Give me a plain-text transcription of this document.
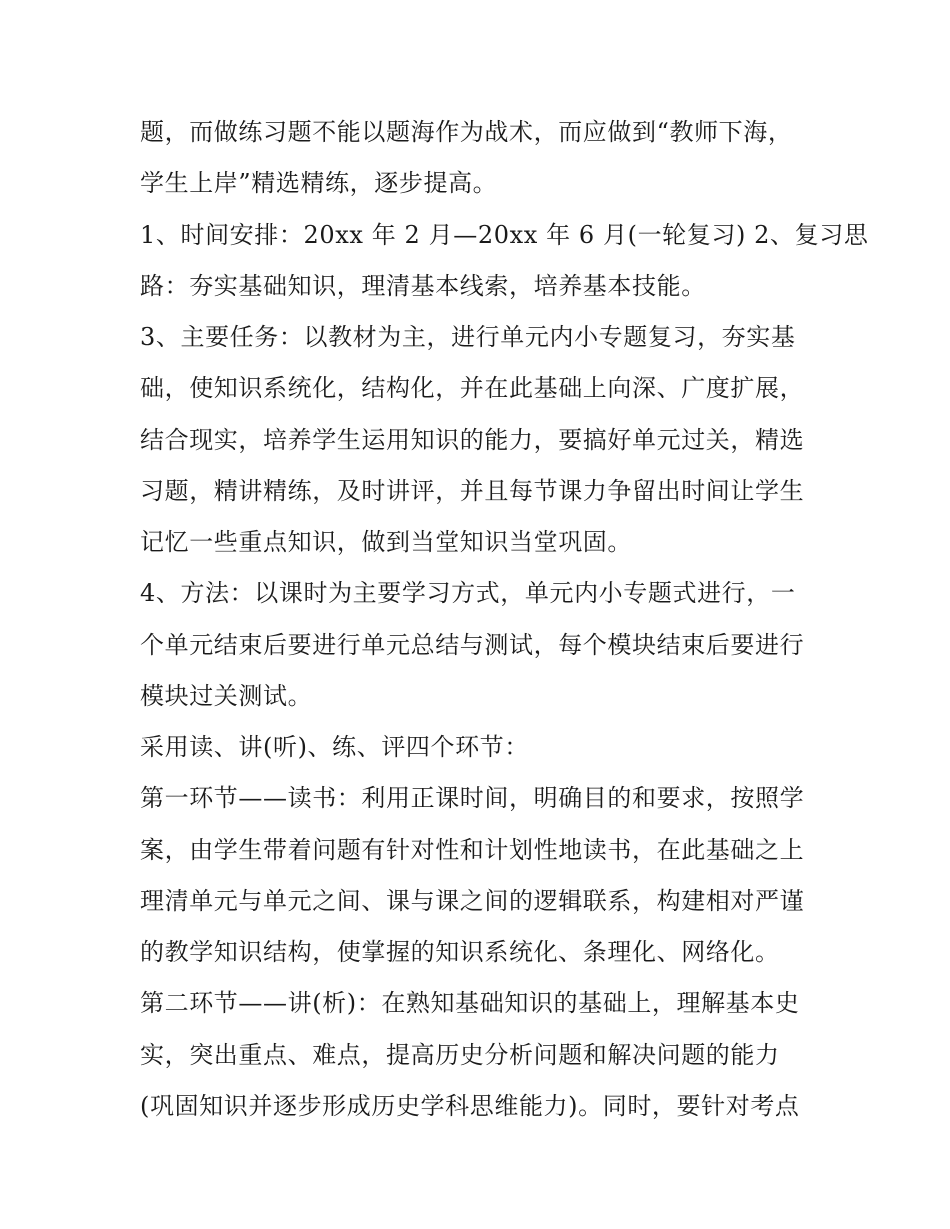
题，而做练习题不能以题海作为战术，而应做到“教师下海，
学生上岸”精选精练，逐步提高。
1、时间安排：20xx 年 2 月—20xx 年 6 月(一轮复习) 2、复习思
路：夯实基础知识，理清基本线索，培养基本技能。
3、主要任务：以教材为主，进行单元内小专题复习，夯实基
础，使知识系统化，结构化，并在此基础上向深、广度扩展，
结合现实，培养学生运用知识的能力，要搞好单元过关，精选
习题，精讲精练，及时讲评，并且每节课力争留出时间让学生
记忆一些重点知识，做到当堂知识当堂巩固。
4、方法：以课时为主要学习方式，单元内小专题式进行，一
个单元结束后要进行单元总结与测试，每个模块结束后要进行
模块过关测试。
采用读、讲(听)、练、评四个环节：
第一环节——读书：利用正课时间，明确目的和要求，按照学
案，由学生带着问题有针对性和计划性地读书，在此基础之上
理清单元与单元之间、课与课之间的逻辑联系，构建相对严谨
的教学知识结构，使掌握的知识系统化、条理化、网络化。
第二环节——讲(析)：在熟知基础知识的基础上，理解基本史
实，突出重点、难点，提高历史分析问题和解决问题的能力
(巩固知识并逐步形成历史学科思维能力)。同时，要针对考点
